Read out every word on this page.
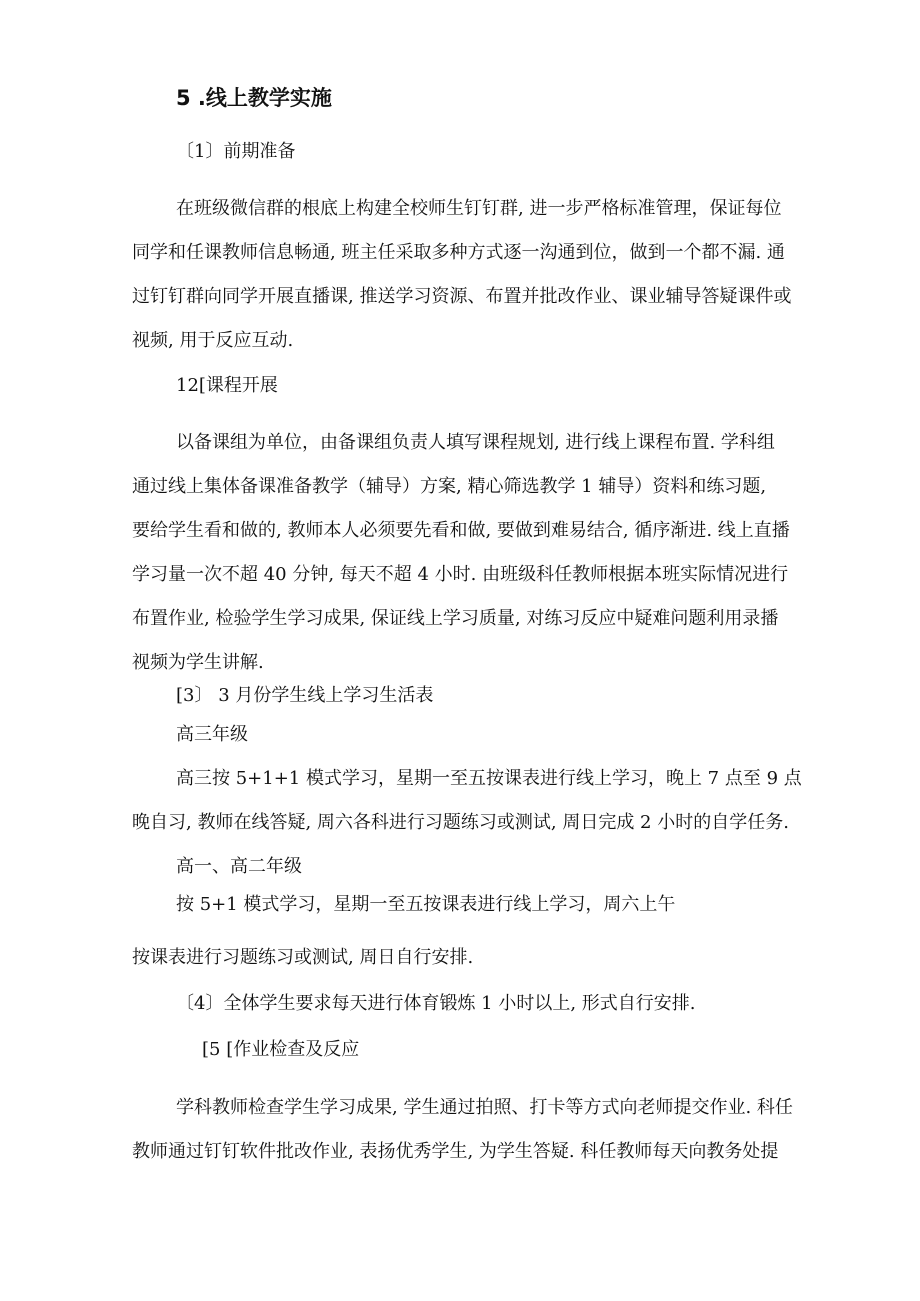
5 .线上教学实施
〔1〕前期准备
在班级微信群的根底上构建全校师生钉钉群, 进一步严格标准管理，保证每位
同学和任课教师信息畅通, 班主任采取多种方式逐一沟通到位，做到一个都不漏. 通
过钉钉群向同学开展直播课, 推送学习资源、布置并批改作业、课业辅导答疑课件或
视频, 用于反应互动.
12[课程开展
以备课组为单位，由备课组负责人填写课程规划, 进行线上课程布置. 学科组
通过线上集体备课准备教学（辅导）方案, 精心筛选教学 1 辅导）资料和练习题,
要给学生看和做的, 教师本人必须要先看和做, 要做到难易结合, 循序渐进. 线上直播
学习量一次不超 40 分钟, 每天不超 4 小时. 由班级科任教师根据本班实际情况进行
布置作业, 检验学生学习成果, 保证线上学习质量, 对练习反应中疑难问题利用录播
视频为学生讲解.
[3〕 3 月份学生线上学习生活表
高三年级
高三按 5+1+1 模式学习，星期一至五按课表进行线上学习，晚上 7 点至 9 点
晚自习, 教师在线答疑, 周六各科进行习题练习或测试, 周日完成 2 小时的自学任务.
高一、高二年级
按 5+1 模式学习，星期一至五按课表进行线上学习，周六上午
按课表进行习题练习或测试, 周日自行安排.
〔4〕全体学生要求每天进行体育锻炼 1 小时以上, 形式自行安排.
[5 [作业检查及反应
学科教师检查学生学习成果, 学生通过拍照、打卡等方式向老师提交作业. 科任
教师通过钉钉软件批改作业, 表扬优秀学生, 为学生答疑. 科任教师每天向教务处提
